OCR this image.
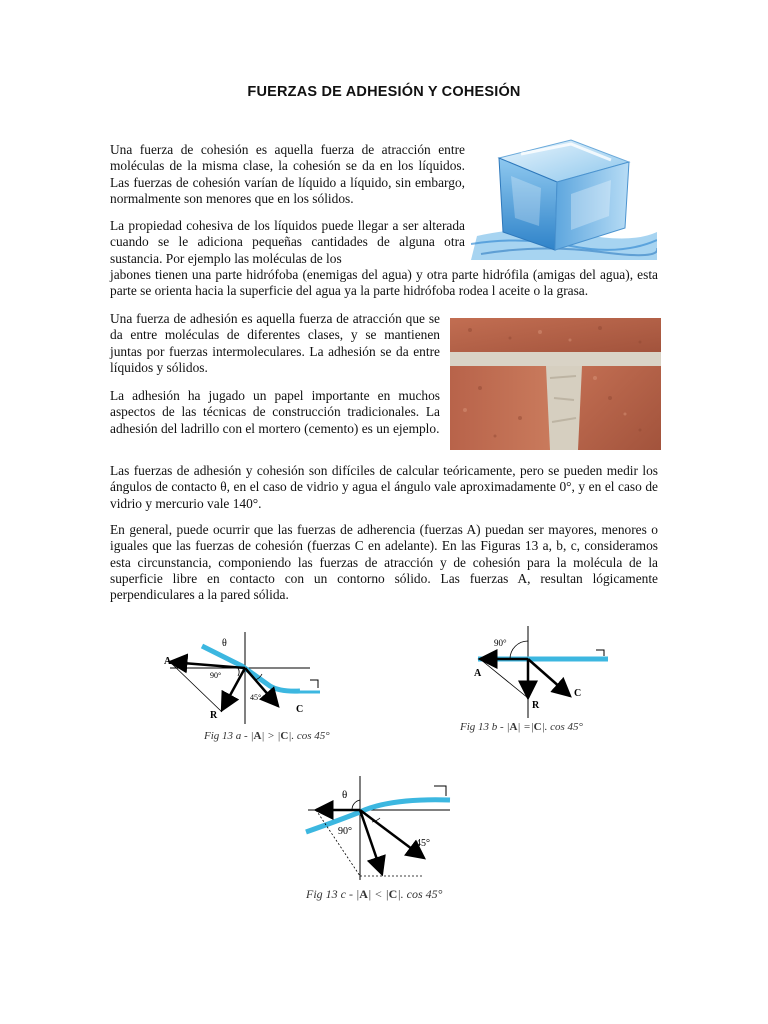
FUERZAS DE ADHESIÓN Y COHESIÓN

Una fuerza de cohesión es aquella fuerza de atracción entre moléculas de la misma clase, la cohesión se da en los líquidos. Las fuerzas de cohesión varían de líquido a líquido, sin embargo, normalmente son menores que en los sólidos.

La propiedad cohesiva de los líquidos puede llegar a ser alterada cuando se le adiciona pequeñas cantidades de alguna otra sustancia. Por ejemplo las moléculas de los

jabones tienen una parte hidrófoba (enemigas del agua) y otra parte hidrófila (amigas del agua), esta parte se orienta hacia la superficie del agua ya la parte hidrófoba rodea l aceite o la grasa.

Una fuerza de adhesión es aquella fuerza de atracción que se da entre moléculas de diferentes clases, y se mantienen juntas por fuerzas intermoleculares. La adhesión se da entre líquidos y sólidos.

La adhesión ha jugado un papel importante en muchos aspectos de las técnicas de construcción tradicionales. La adhesión del ladrillo con el mortero (cemento) es un ejemplo.

Las fuerzas de adhesión y cohesión son difíciles de calcular teóricamente, pero se pueden medir los ángulos de contacto θ, en el caso de vidrio y agua el ángulo vale aproximadamente 0°, y en el caso de vidrio y mercurio vale 140°.

En general, puede ocurrir que las fuerzas de adherencia (fuerzas A) puedan ser mayores, menores o iguales que las fuerzas de cohesión (fuerzas C en adelante). En las Figuras 13 a, b, c, consideramos esta circunstancia, componiendo las fuerzas de atracción y de cohesión para la molécula de la superficie libre en contacto con un contorno sólido. Las fuerzas A, resultan lógicamente perpendiculares a la pared sólida.

A
R
C
θ
90°
45°
Fig 13 a - |A| > |C|. cos 45°
90°
A
R
C
Fig 13 b - |A| =|C|. cos 45°
θ
90°
45°
Fig 13 c - |A| < |C|. cos 45°
